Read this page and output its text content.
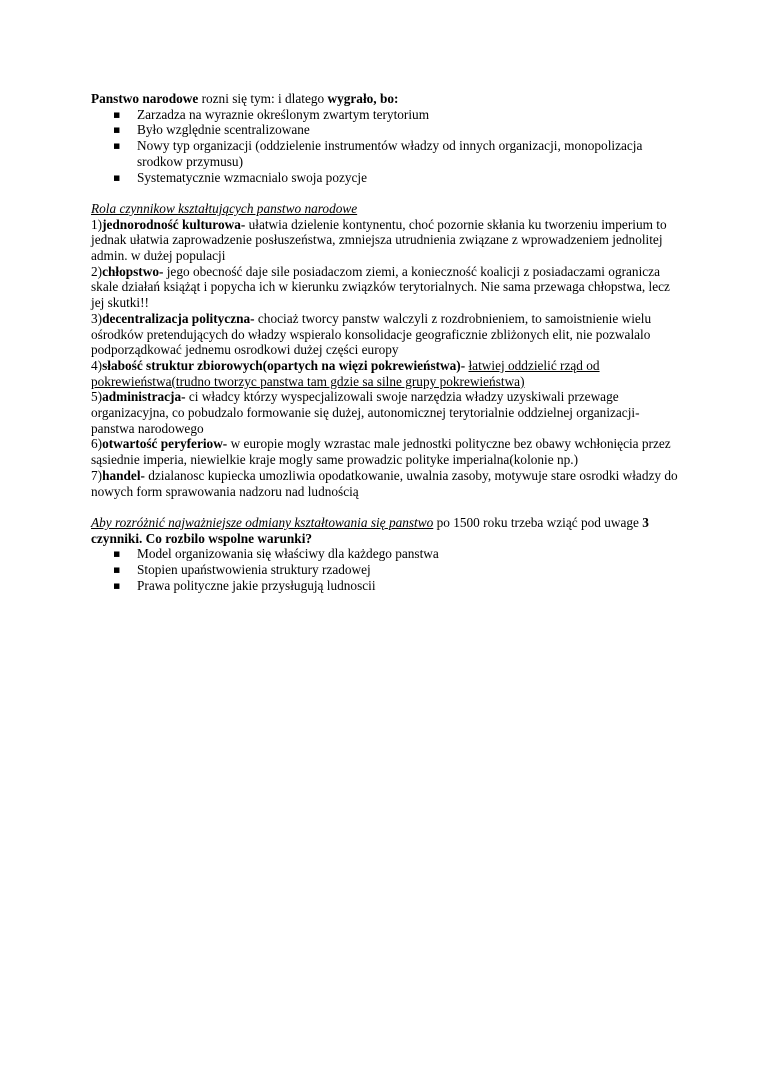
Panstwo narodowe rozni się tym: i dlatego wygrało, bo:

▪ Zarzadza na wyraznie określonym zwartym terytorium
▪ Było względnie scentralizowane
▪ Nowy typ organizacji (oddzielenie instrumentów władzy od innych organizacji, monopolizacja srodkow przymusu)
▪ Systematycznie wzmacnialo swoja pozycje

Rola czynnikow kształtujących panstwo narodowe

1)jednorodność kulturowa- ułatwia dzielenie kontynentu, choć pozornie skłania ku tworzeniu imperium to jednak ułatwia zaprowadzenie posłuszeństwa, zmniejsza utrudnienia związane z wprowadzeniem jednolitej admin. w dużej populacji

2)chłopstwo- jego obecność daje sile posiadaczom ziemi, a konieczność koalicji z posiadaczami ogranicza skale działań książąt i popycha ich w kierunku związków terytorialnych. Nie sama przewaga chłopstwa, lecz jej skutki!!

3)decentralizacja polityczna- chociaż tworcy panstw walczyli z rozdrobnieniem, to samoistnienie wielu ośrodków pretendujących do władzy wspieralo konsolidacje geograficznie zbliżonych elit, nie pozwalalo podporządkować jednemu osrodkowi dużej części europy

4)słabość struktur zbiorowych(opartych na więzi pokrewieństwa)- łatwiej oddzielić rząd od pokrewieństwa(trudno tworzyc panstwa tam gdzie sa silne grupy pokrewieństwa)

5)administracja- ci władcy którzy wyspecjalizowali swoje narzędzia władzy uzyskiwali przewage organizacyjna, co pobudzalo formowanie się dużej, autonomicznej terytorialnie oddzielnej organizacji-panstwa narodowego

6)otwartość peryferiow- w europie mogly wzrastac male jednostki polityczne bez obawy wchłonięcia przez sąsiednie imperia, niewielkie kraje mogly same prowadzic polityke imperialna(kolonie np.)

7)handel- dzialanosc kupiecka umozliwia opodatkowanie, uwalnia zasoby, motywuje stare osrodki władzy do nowych form sprawowania nadzoru nad ludnością

Aby rozróżnić najważniejsze odmiany kształtowania się panstwo po 1500 roku trzeba wziąć pod uwage 3 czynniki. Co rozbilo wspolne warunki?

▪ Model organizowania się właściwy dla każdego panstwa
▪ Stopien upaństwowienia struktury rzadowej
▪ Prawa polityczne jakie przysługują ludnoscii
